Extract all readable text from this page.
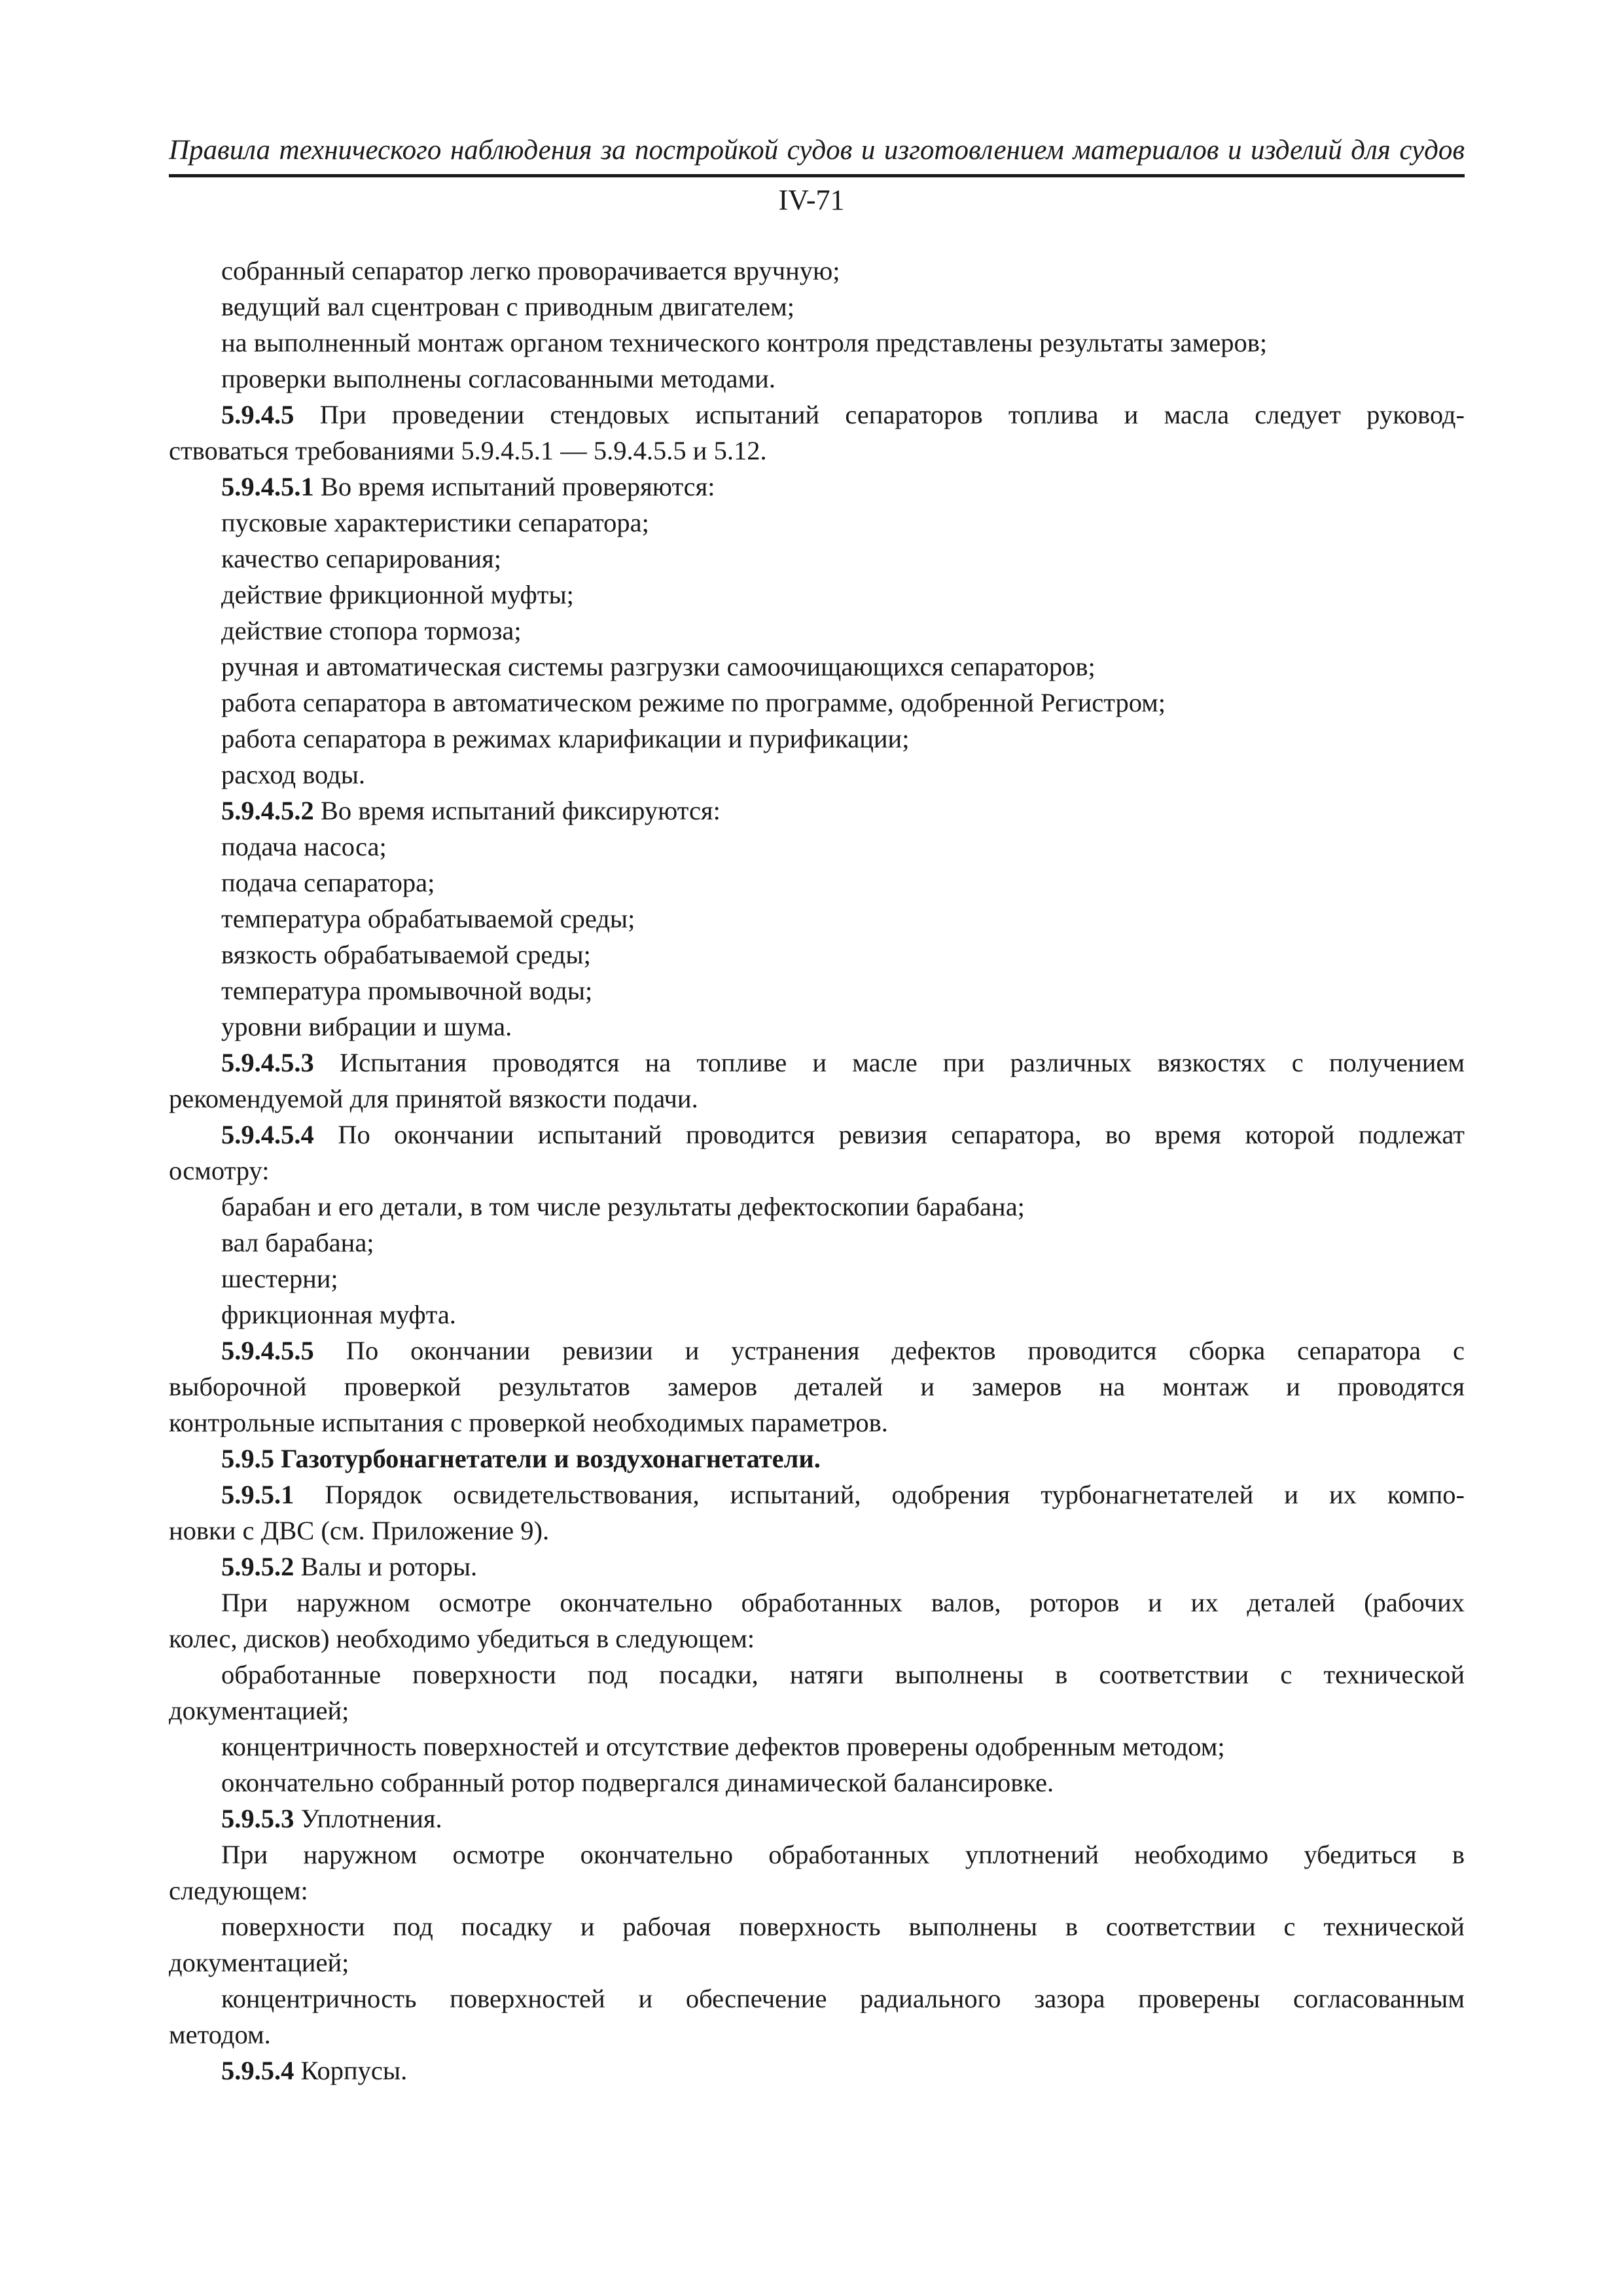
Правила технического наблюдения за постройкой судов и изготовлением материалов и изделий для судов
IV-71
собранный сепаратор легко проворачивается вручную;
ведущий вал сцентрован с приводным двигателем;
на выполненный монтаж органом технического контроля представлены результаты замеров;
проверки выполнены согласованными методами.
5.9.4.5 При проведении стендовых испытаний сепараторов топлива и масла следует руковод-
ствоваться требованиями 5.9.4.5.1 — 5.9.4.5.5 и 5.12.
5.9.4.5.1 Во время испытаний проверяются:
пусковые характеристики сепаратора;
качество сепарирования;
действие фрикционной муфты;
действие стопора тормоза;
ручная и автоматическая системы разгрузки самоочищающихся сепараторов;
работа сепаратора в автоматическом режиме по программе, одобренной Регистром;
работа сепаратора в режимах кларификации и пурификации;
расход воды.
5.9.4.5.2 Во время испытаний фиксируются:
подача насоса;
подача сепаратора;
температура обрабатываемой среды;
вязкость обрабатываемой среды;
температура промывочной воды;
уровни вибрации и шума.
5.9.4.5.3 Испытания проводятся на топливе и масле при различных вязкостях с получением
рекомендуемой для принятой вязкости подачи.
5.9.4.5.4 По окончании испытаний проводится ревизия сепаратора, во время которой подлежат
осмотру:
барабан и его детали, в том числе результаты дефектоскопии барабана;
вал барабана;
шестерни;
фрикционная муфта.
5.9.4.5.5 По окончании ревизии и устранения дефектов проводится сборка сепаратора с
выборочной проверкой результатов замеров деталей и замеров на монтаж и проводятся
контрольные испытания с проверкой необходимых параметров.
5.9.5 Газотурбонагнетатели и воздухонагнетатели.
5.9.5.1 Порядок освидетельствования, испытаний, одобрения турбонагнетателей и их компо-
новки с ДВС (см. Приложение 9).
5.9.5.2 Валы и роторы.
При наружном осмотре окончательно обработанных валов, роторов и их деталей (рабочих
колес, дисков) необходимо убедиться в следующем:
обработанные поверхности под посадки, натяги выполнены в соответствии с технической
документацией;
концентричность поверхностей и отсутствие дефектов проверены одобренным методом;
окончательно собранный ротор подвергался динамической балансировке.
5.9.5.3 Уплотнения.
При наружном осмотре окончательно обработанных уплотнений необходимо убедиться в
следующем:
поверхности под посадку и рабочая поверхность выполнены в соответствии с технической
документацией;
концентричность поверхностей и обеспечение радиального зазора проверены согласованным
методом.
5.9.5.4 Корпусы.
